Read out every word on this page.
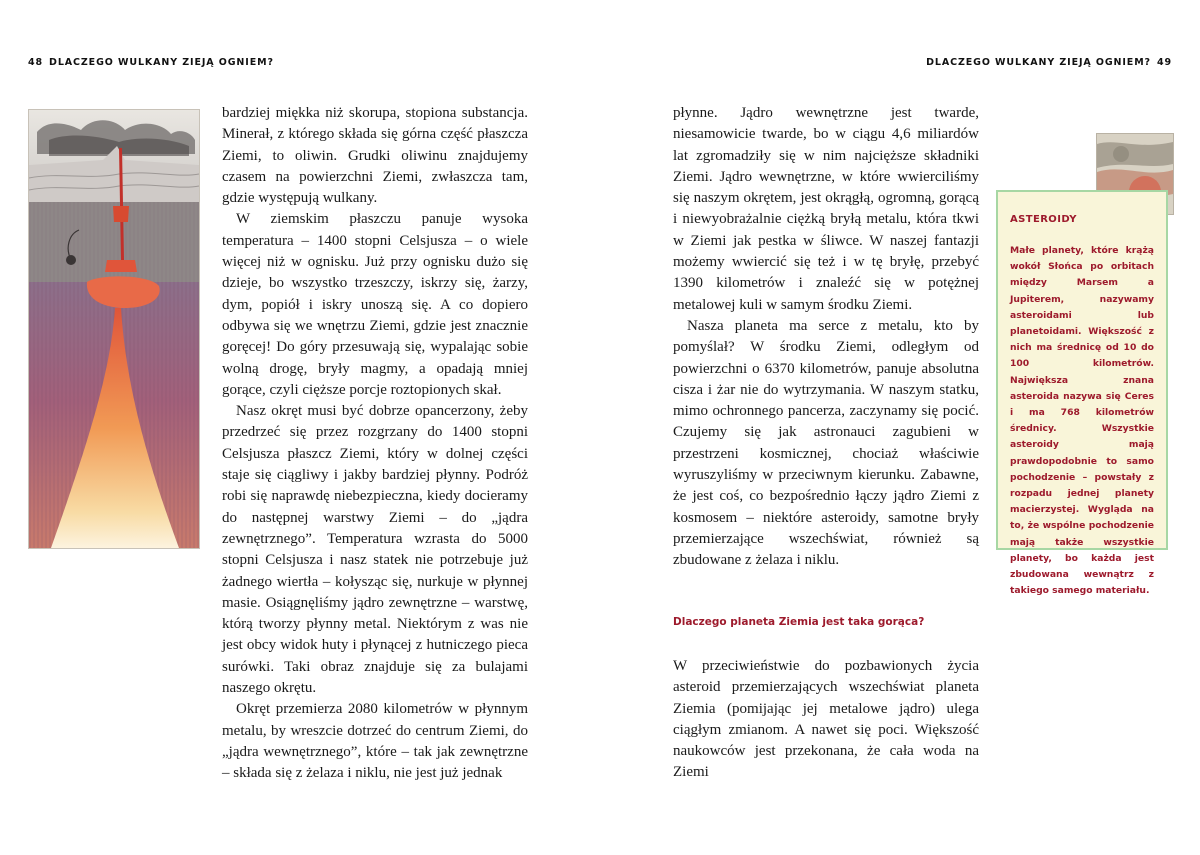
48 DLACZEGO WULKANY ZIEJĄ OGNIEM?	DLACZEGO WULKANY ZIEJĄ OGNIEM? 49

bardziej miękka niż skorupa, stopiona substancja. Minerał, z którego składa się górna część płaszcza Ziemi, to oliwin. Grudki oliwinu znajdujemy czasem na powierzchni Ziemi, zwłaszcza tam, gdzie występują wulkany.

W ziemskim płaszczu panuje wysoka temperatura – 1400 stopni Celsjusza – o wiele więcej niż w ognisku. Już przy ognisku dużo się dzieje, bo wszystko trzeszczy, iskrzy się, żarzy, dym, popiół i iskry unoszą się. A co dopiero odbywa się we wnętrzu Ziemi, gdzie jest znacznie goręcej! Do góry przesuwają się, wypalając sobie wolną drogę, bryły magmy, a opadają mniej gorące, czyli cięższe porcje roztopionych skał.

Nasz okręt musi być dobrze opancerzony, żeby przedrzeć się przez rozgrzany do 1400 stopni Celsjusza płaszcz Ziemi, który w dolnej części staje się ciągliwy i jakby bardziej płynny. Podróż robi się naprawdę niebezpieczna, kiedy docieramy do następnej warstwy Ziemi – do „jądra zewnętrznego”. Temperatura wzrasta do 5000 stopni Celsjusza i nasz statek nie potrzebuje już żadnego wiertła – kołysząc się, nurkuje w płynnej masie. Osiągnęliśmy jądro zewnętrzne – warstwę, którą tworzy płynny metal. Niektórym z was nie jest obcy widok huty i płynącej z hutniczego pieca surówki. Taki obraz znajduje się za bulajami naszego okrętu.

Okręt przemierza 2080 kilometrów w płynnym metalu, by wreszcie dotrzeć do centrum Ziemi, do „jądra wewnętrznego”, które – tak jak zewnętrzne – składa się z żelaza i niklu, nie jest już jednak

płynne. Jądro wewnętrzne jest twarde, niesamowicie twarde, bo w ciągu 4,6 miliardów lat zgromadziły się w nim najcięższe składniki Ziemi. Jądro wewnętrzne, w które wwierciliśmy się naszym okrętem, jest okrągłą, ogromną, gorącą i niewyobrażalnie ciężką bryłą metalu, która tkwi w Ziemi jak pestka w śliwce. W naszej fantazji możemy wwiercić się też i w tę bryłę, przebyć 1390 kilometrów i znaleźć się w potężnej metalowej kuli w samym środku Ziemi.

Nasza planeta ma serce z metalu, kto by pomyślał? W środku Ziemi, odległym od powierzchni o 6370 kilometrów, panuje absolutna cisza i żar nie do wytrzymania. W naszym statku, mimo ochronnego pancerza, zaczynamy się pocić. Czujemy się jak astronauci zagubieni w przestrzeni kosmicznej, chociaż właściwie wyruszyliśmy w przeciwnym kierunku. Zabawne, że jest coś, co bezpośrednio łączy jądro Ziemi z kosmosem – niektóre asteroidy, samotne bryły przemierzające wszechświat, również są zbudowane z żelaza i niklu.

Dlaczego planeta Ziemia jest taka gorąca?

W przeciwieństwie do pozbawionych życia asteroid przemierzających wszechświat planeta Ziemia (pomijając jej metalowe jądro) ulega ciągłym zmianom. A nawet się poci. Większość naukowców jest przekonana, że cała woda na Ziemi

ASTEROIDY

Małe planety, które krążą wokół Słońca po orbitach między Marsem a Jupiterem, nazywamy asteroidami lub planetoidami. Większość z nich ma średnicę od 10 do 100 kilometrów. Największa znana asteroida nazywa się Ceres i ma 768 kilometrów średnicy. Wszystkie asteroidy mają prawdopodobnie to samo pochodzenie – powstały z rozpadu jednej planety macierzystej. Wygląda na to, że wspólne pochodzenie mają także wszystkie planety, bo każda jest zbudowana wewnątrz z takiego samego materiału.
